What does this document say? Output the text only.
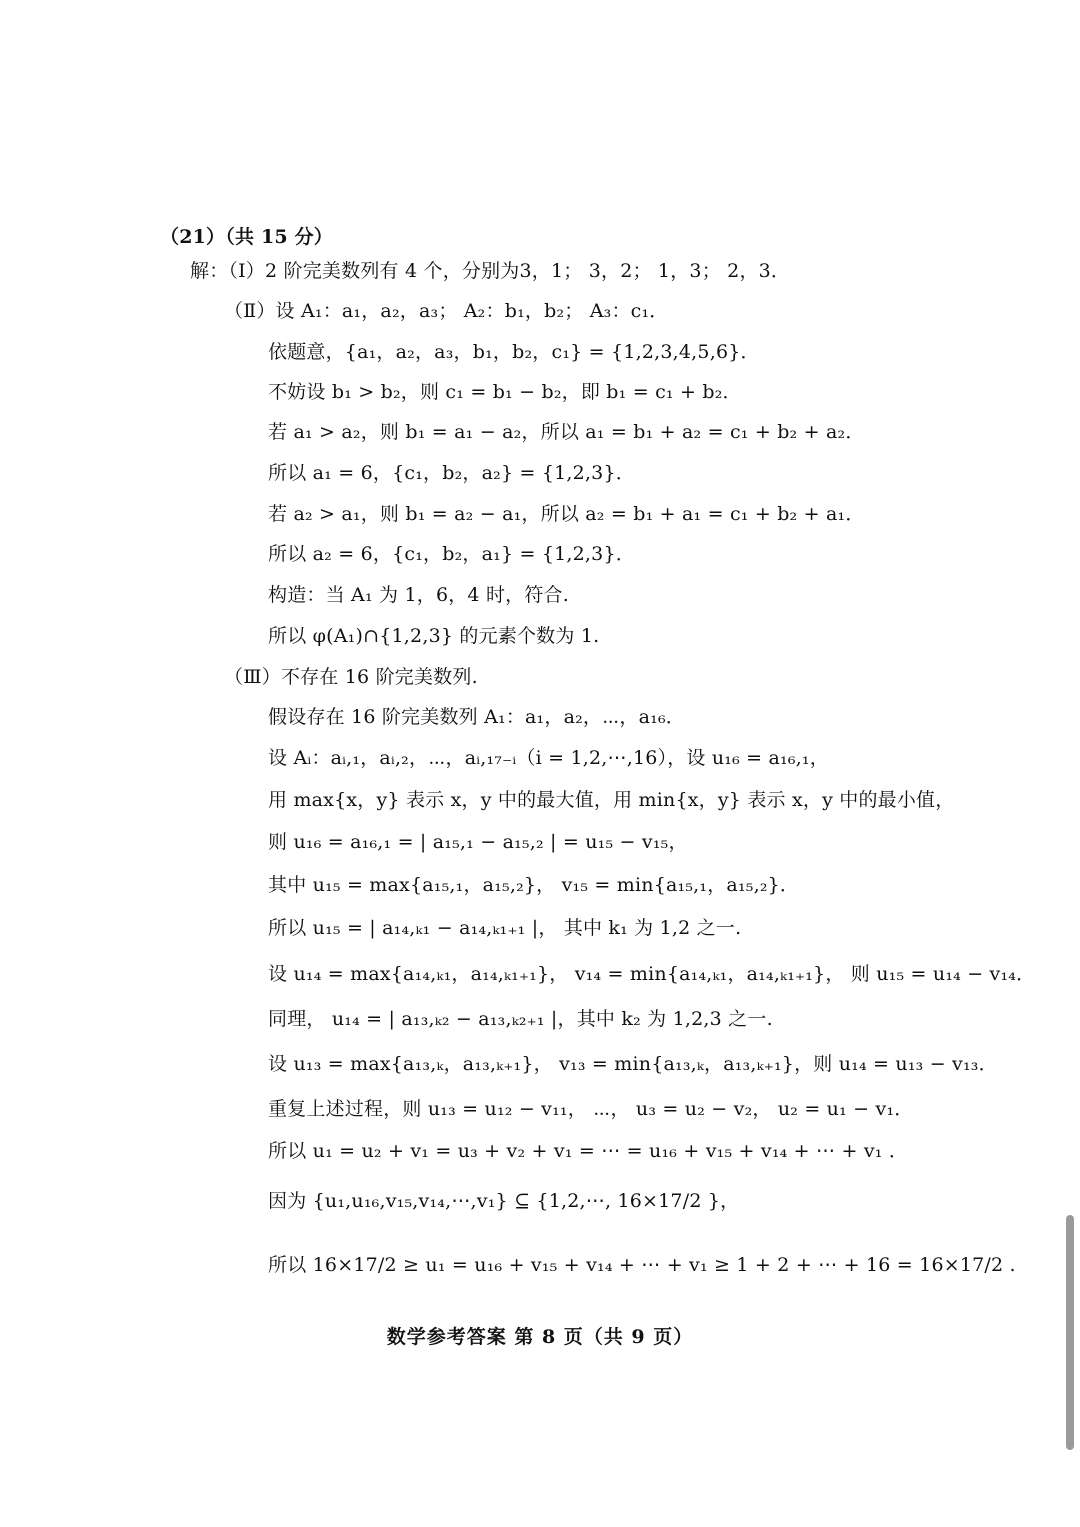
（21）（共 15 分）
解：（Ⅰ）2 阶完美数列有 4 个，分别为3，1； 3，2； 1，3； 2，3．
（Ⅱ）设 A₁：a₁，a₂，a₃； A₂：b₁，b₂； A₃：c₁．
依题意，{a₁，a₂，a₃，b₁，b₂，c₁} = {1,2,3,4,5,6}．
不妨设 b₁ > b₂，则 c₁ = b₁ − b₂，即 b₁ = c₁ + b₂．
若 a₁ > a₂，则 b₁ = a₁ − a₂，所以 a₁ = b₁ + a₂ = c₁ + b₂ + a₂．
所以 a₁ = 6，{c₁，b₂，a₂} = {1,2,3}．
若 a₂ > a₁，则 b₁ = a₂ − a₁，所以 a₂ = b₁ + a₁ = c₁ + b₂ + a₁．
所以 a₂ = 6，{c₁，b₂，a₁} = {1,2,3}．
构造：当 A₁ 为 1，6，4 时，符合.
所以 φ(A₁)∩{1,2,3} 的元素个数为 1.
（Ⅲ）不存在 16 阶完美数列.
假设存在 16 阶完美数列 A₁：a₁，a₂，⋯，a₁₆．
设 Aᵢ：aᵢ,₁，aᵢ,₂，⋯，aᵢ,₁₇₋ᵢ（i = 1,2,⋯,16），设 u₁₆ = a₁₆,₁，
用 max{x，y} 表示 x，y 中的最大值，用 min{x，y} 表示 x，y 中的最小值，
则 u₁₆ = a₁₆,₁ = | a₁₅,₁ − a₁₅,₂ | = u₁₅ − v₁₅，
其中 u₁₅ = max{a₁₅,₁，a₁₅,₂}， v₁₅ = min{a₁₅,₁，a₁₅,₂}．
所以 u₁₅ = | a₁₄,ₖ₁ − a₁₄,ₖ₁₊₁ |， 其中 k₁ 为 1,2 之一.
设 u₁₄ = max{a₁₄,ₖ₁，a₁₄,ₖ₁₊₁}， v₁₄ = min{a₁₄,ₖ₁，a₁₄,ₖ₁₊₁}， 则 u₁₅ = u₁₄ − v₁₄．
同理， u₁₄ = | a₁₃,ₖ₂ − a₁₃,ₖ₂₊₁ |，其中 k₂ 为 1,2,3 之一.
设 u₁₃ = max{a₁₃,ₖ，a₁₃,ₖ₊₁}， v₁₃ = min{a₁₃,ₖ，a₁₃,ₖ₊₁}，则 u₁₄ = u₁₃ − v₁₃．
重复上述过程，则 u₁₃ = u₁₂ − v₁₁， ⋯， u₃ = u₂ − v₂， u₂ = u₁ − v₁．
所以 u₁ = u₂ + v₁ = u₃ + v₂ + v₁ = ⋯ = u₁₆ + v₁₅ + v₁₄ + ⋯ + v₁ ．
因为 {u₁,u₁₆,v₁₅,v₁₄,⋯,v₁} ⊆ {1,2,⋯, 16×17/2 }，
所以 16×17/2 ≥ u₁ = u₁₆ + v₁₅ + v₁₄ + ⋯ + v₁ ≥ 1 + 2 + ⋯ + 16 = 16×17/2 .
数学参考答案 第 8 页（共 9 页）
